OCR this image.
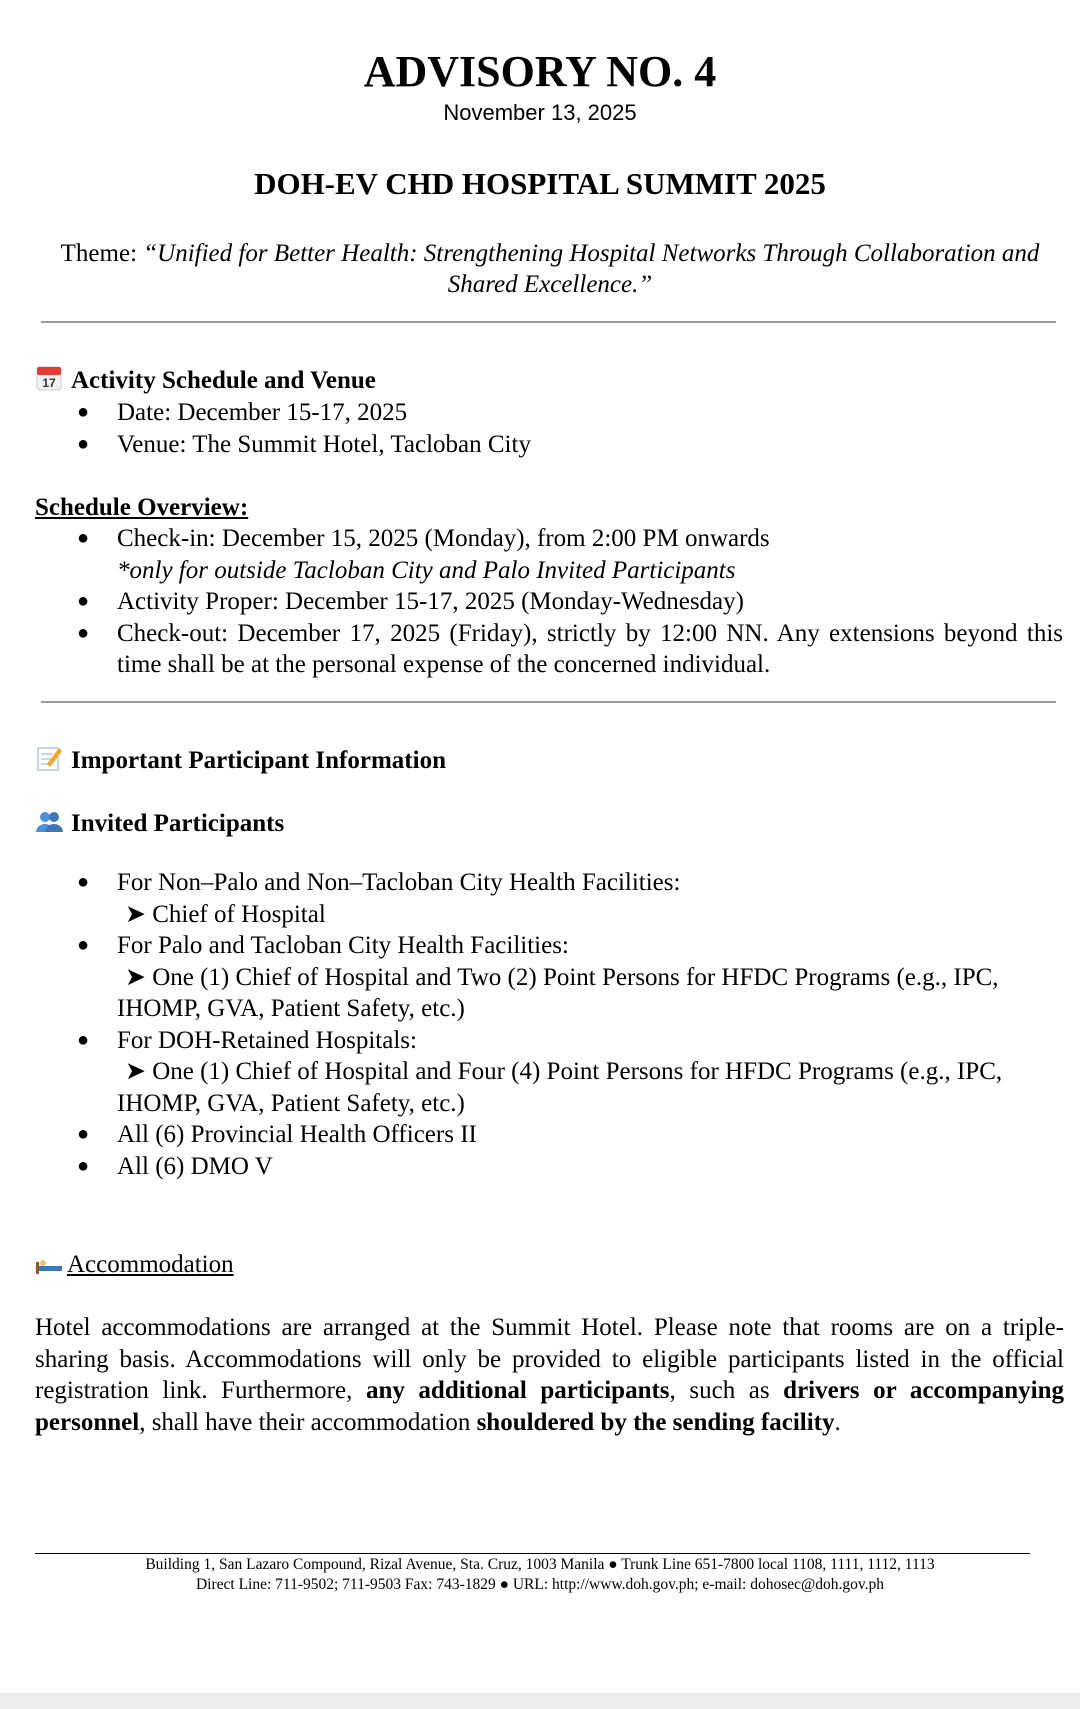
ADVISORY NO. 4
November 13, 2025
DOH-EV CHD HOSPITAL SUMMIT 2025
Theme: “Unified for Better Health: Strengthening Hospital Networks Through Collaboration and Shared Excellence.”
17 Activity Schedule and Venue
● Date: December 15-17, 2025
● Venue: The Summit Hotel, Tacloban City
Schedule Overview:
● Check-in: December 15, 2025 (Monday), from 2:00 PM onwards
*only for outside Tacloban City and Palo Invited Participants
● Activity Proper: December 15-17, 2025 (Monday-Wednesday)
● Check-out: December 17, 2025 (Friday), strictly by 12:00 NN. Any extensions beyond this time shall be at the personal expense of the concerned individual.
Important Participant Information
Invited Participants
● For Non–Palo and Non–Tacloban City Health Facilities:
➤ Chief of Hospital
● For Palo and Tacloban City Health Facilities:
➤ One (1) Chief of Hospital and Two (2) Point Persons for HFDC Programs (e.g., IPC, IHOMP, GVA, Patient Safety, etc.)
● For DOH-Retained Hospitals:
➤ One (1) Chief of Hospital and Four (4) Point Persons for HFDC Programs (e.g., IPC, IHOMP, GVA, Patient Safety, etc.)
● All (6) Provincial Health Officers II
● All (6) DMO V
Accommodation
Hotel accommodations are arranged at the Summit Hotel. Please note that rooms are on a triple-sharing basis. Accommodations will only be provided to eligible participants listed in the official registration link. Furthermore, any additional participants, such as drivers or accompanying personnel, shall have their accommodation shouldered by the sending facility.
Building 1, San Lazaro Compound, Rizal Avenue, Sta. Cruz, 1003 Manila ● Trunk Line 651-7800 local 1108, 1111, 1112, 1113
Direct Line: 711-9502; 711-9503 Fax: 743-1829 ● URL: http://www.doh.gov.ph; e-mail: dohosec@doh.gov.ph
